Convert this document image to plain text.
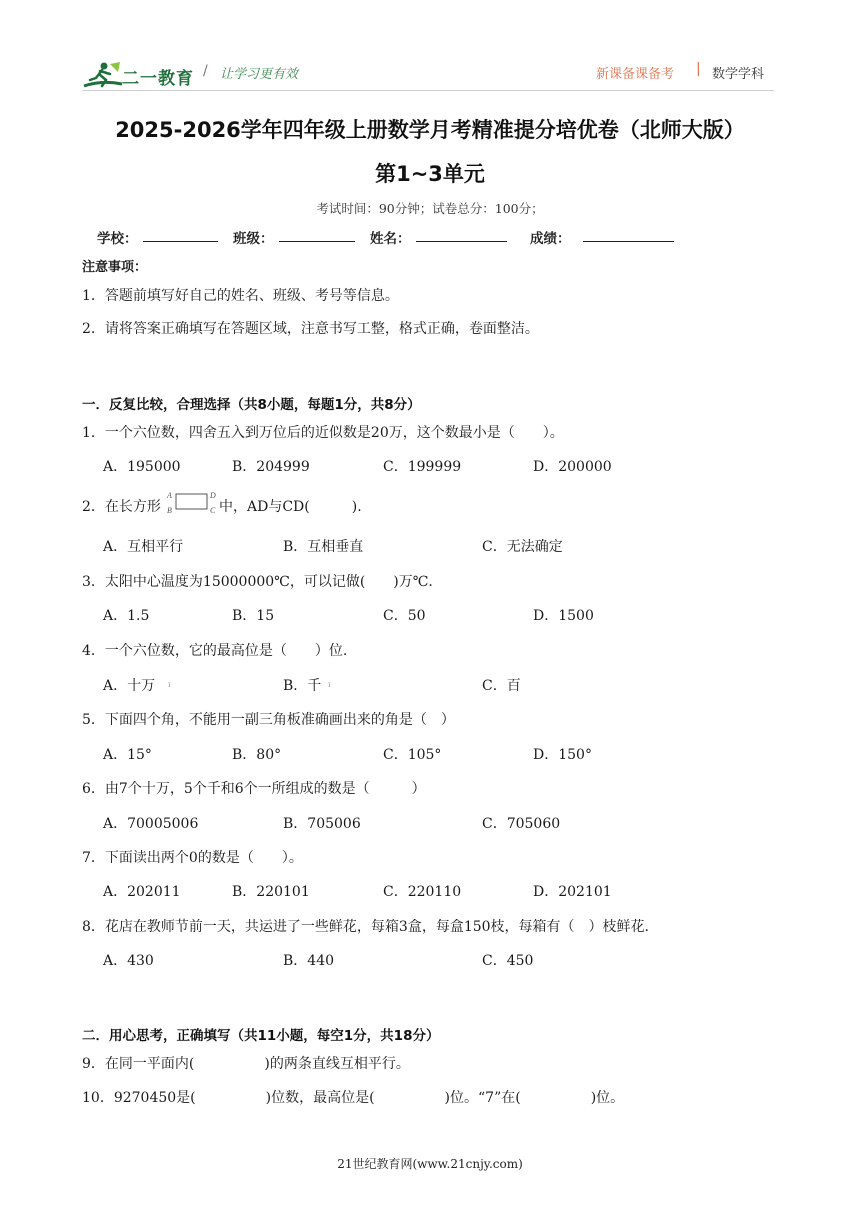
二一教育 / 让学习更有效	新课备课备考 | 数学学科
2025-2026学年四年级上册数学月考精准提分培优卷（北师大版）
第1~3单元
考试时间：90分钟；试卷总分：100分；
学校：	班级：	姓名：	成绩：
注意事项：
1．答题前填写好自己的姓名、班级、考号等信息。
2．请将答案正确填写在答题区域，注意书写工整，格式正确，卷面整洁。
一．反复比较，合理选择（共8小题，每题1分，共8分）
1．一个六位数，四舍五入到万位后的近似数是20万，这个数最小是（　　）。
A．195000	B．204999	C．199999	D．200000
2．在长方形
A
B
D
C 中，AD与CD(　　　).
A．互相平行	B．互相垂直	C．无法确定
3．太阳中心温度为15000000℃，可以记做(　　)万℃.
A．1.5	B．15	C．50	D．1500
4．一个六位数，它的最高位是（　　）位.
A．十万 ı	B．千 ı	C．百
5．下面四个角，不能用一副三角板准确画出来的角是（　）
A．15°	B．80°	C．105°	D．150°
6．由7个十万，5个千和6个一所组成的数是（　　　）
A．70005006	B．705006	C．705060
7．下面读出两个0的数是（　　）。
A．202011	B．220101	C．220110	D．202101
8．花店在教师节前一天，共运进了一些鲜花，每箱3盒，每盒150枝，每箱有（　）枝鲜花.
A．430	B．440	C．450
二．用心思考，正确填写（共11小题，每空1分，共18分）
9．在同一平面内(　　　　　)的两条直线互相平行。
10．9270450是(　　　　　)位数，最高位是(　　　　　)位。“7”在(　　　　　)位。
21世纪教育网(www.21cnjy.com)
